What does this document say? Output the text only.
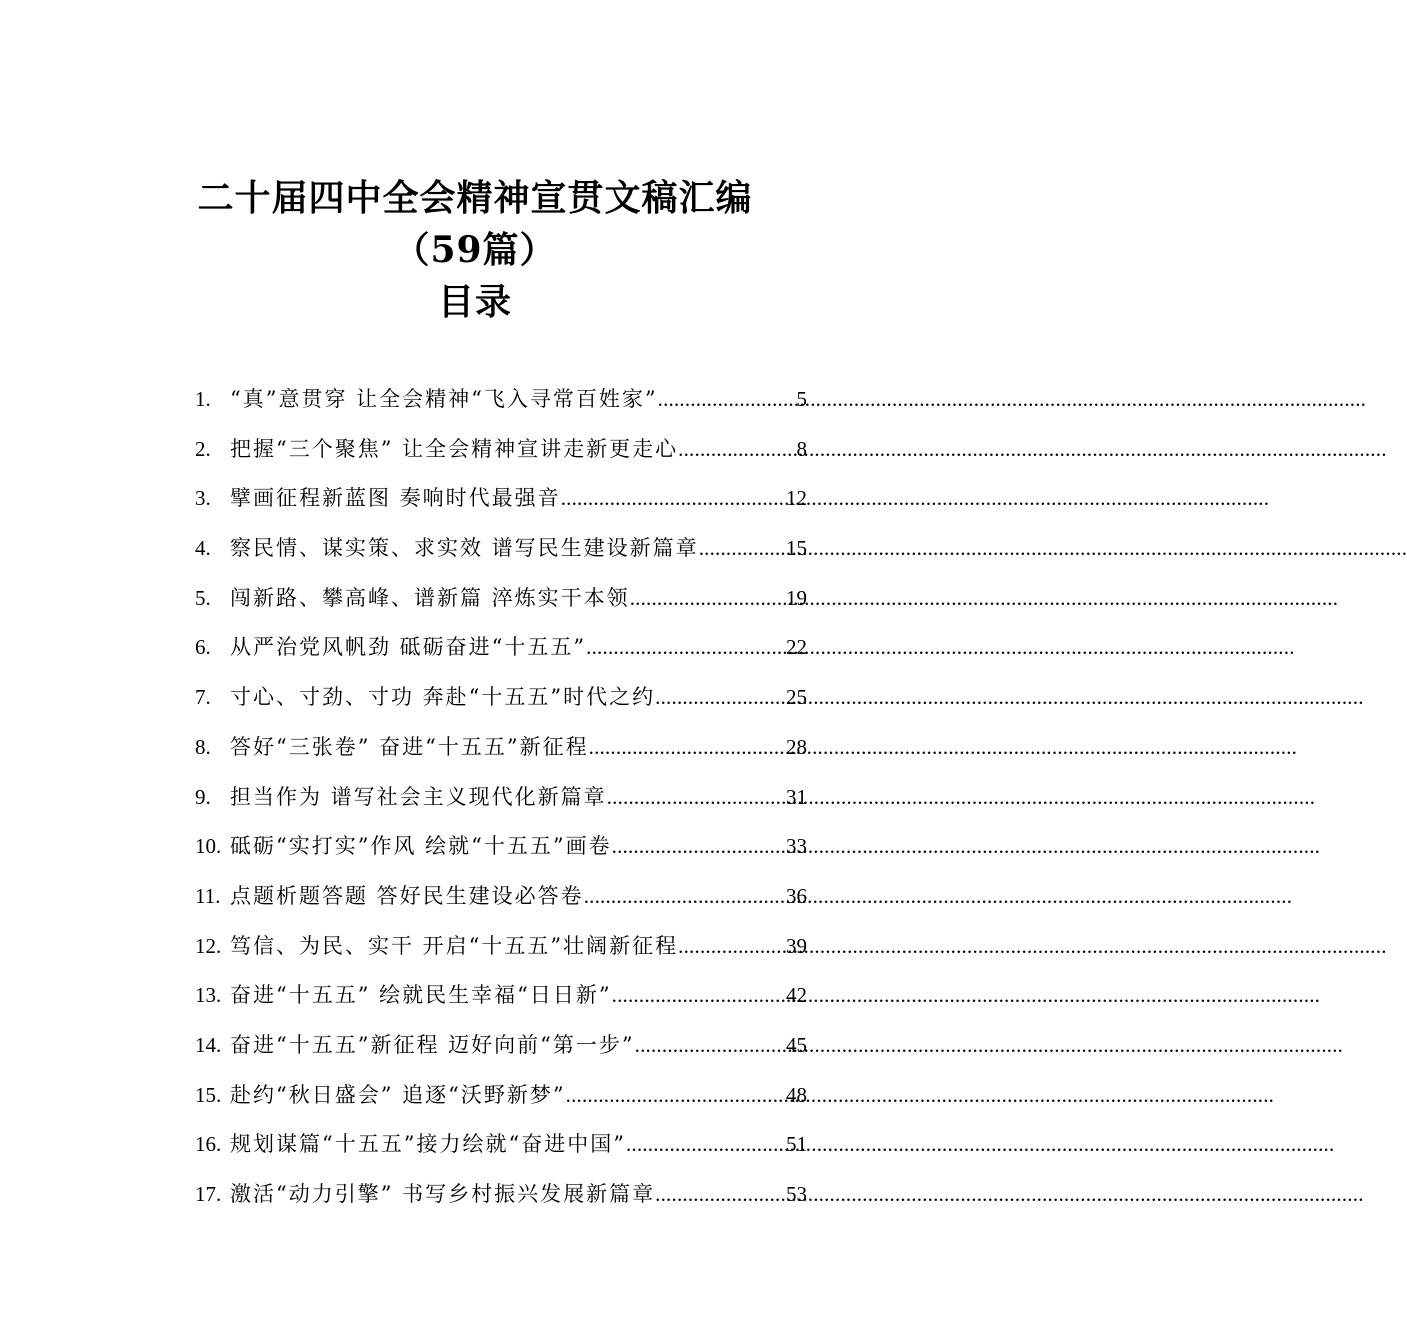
二十届四中全会精神宣贯文稿汇编
（59篇）
目录
1. “真”意贯穿 让全会精神“飞入寻常百姓家” .....	5
2. 把握“三个聚焦” 让全会精神宣讲走新更走心 .....	8
3. 擘画征程新蓝图 奏响时代最强音 .....	12
4. 察民情、谋实策、求实效 谱写民生建设新篇章 .....	15
5. 闯新路、攀高峰、谱新篇 淬炼实干本领 .....	19
6. 从严治党风帆劲 砥砺奋进“十五五” .....	22
7. 寸心、寸劲、寸功 奔赴“十五五”时代之约 .....	25
8. 答好“三张卷” 奋进“十五五”新征程 .....	28
9. 担当作为 谱写社会主义现代化新篇章 .....	31
10. 砥砺“实打实”作风 绘就“十五五”画卷 .....	33
11. 点题析题答题 答好民生建设必答卷 .....	36
12. 笃信、为民、实干 开启“十五五”壮阔新征程 .....	39
13. 奋进“十五五” 绘就民生幸福“日日新” .....	42
14. 奋进“十五五”新征程 迈好向前“第一步” .....	45
15. 赴约“秋日盛会” 追逐“沃野新梦” .....	48
16. 规划谋篇“十五五”接力绘就“奋进中国” .....	51
17. 激活“动力引擎” 书写乡村振兴发展新篇章 .....	53
